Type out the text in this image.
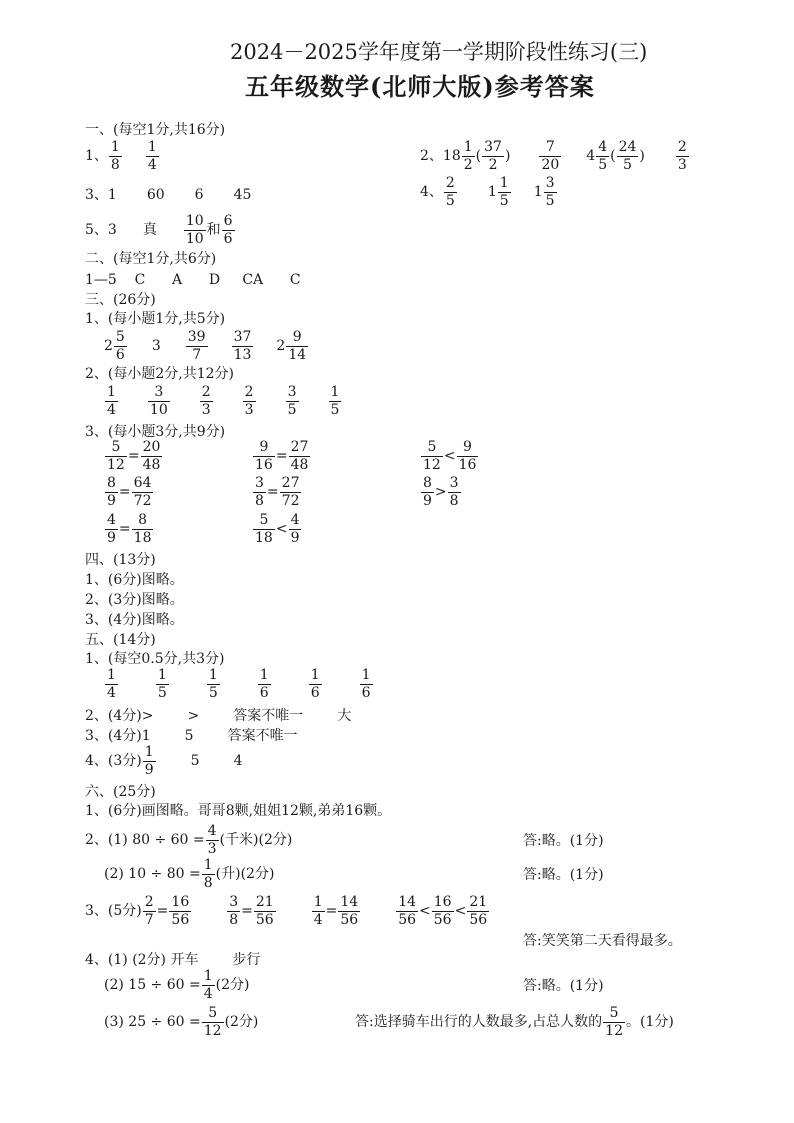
2024－2025学年度第一学期阶段性练习(三)
五年级数学(北师大版)参考答案
一、(每空1分,共16分)
1、 $\frac{1}{8} \frac{1}{4}$	2、 $18 \frac{1}{2}$ ( $\frac{37}{2}$ ) $\frac{7}{20} 4 \frac{4}{5}$ ( $\frac{24}{5}$ ) $\frac{2}{3}$
3、1 60 6 45	4、 $\frac{2}{5} 1 \frac{1}{5} 1 \frac{3}{5}$
5、 3 真 $\frac{10}{10}$ 和 $\frac{6}{6}$
二、(每空1分,共6分)
1—5    C      A      D     CA      C
三、(26分)
1、(每小题1分,共5分)
$2 \frac{5}{6} 3 \frac{39}{7} \frac{37}{13} 2 \frac{9}{14}$
2、(每小题2分,共12分)
$\frac{1}{4} \frac{3}{10} \frac{2}{3} \frac{2}{3} \frac{3}{5} \frac{1}{5}$
3、(每小题3分,共9分)
$\frac{5}{12} = \frac{20}{48}$	$\frac{9}{16} = \frac{27}{48}$	$\frac{5}{12} < \frac{9}{16}$
$\frac{8}{9} = \frac{64}{72}$	$\frac{3}{8} = \frac{27}{72}$	$\frac{8}{9} > \frac{3}{8}$
$\frac{4}{9} = \frac{8}{18}$	$\frac{5}{18} < \frac{4}{9}$
四、(13分)
1、(6分)图略。
2、(3分)图略。
3、(4分)图略。
五、(14分)
1、(每空0.5分,共3分)
$\frac{1}{4}$	$\frac{1}{5}$	$\frac{1}{5}$	$\frac{1}{6}$	$\frac{1}{6}$	$\frac{1}{6}$
2、(4分)> > 答案不唯一 大
3、(4分)1 5 答案不唯一
4、(3分) $\frac{1}{9}$	5 4
六、(25分)
1、(6分)画图略。哥哥8颗,姐姐12颗,弟弟16颗。
2、(1) $80 \div 60 = \frac{4}{3}$ (千米)(2分)	答:略。(1分)
(2) $10 \div 80 = \frac{1}{8}$ (升)(2分)	答:略。(1分)
3、(5分) $\frac{2}{7} = \frac{16}{56}$	$\frac{3}{8} = \frac{21}{56}$	$\frac{1}{4} = \frac{14}{56}$	$\frac{14}{56} < \frac{16}{56} < \frac{21}{56}$
答:笑笑第二天看得最多。
4、(1) (2分) 开车 步行
(2) $15 \div 60 = \frac{1}{4} (2$分)	答:略。(1分)
(3) $25 \div 60 = \frac{5}{12} (2$分)	答:选择骑车出行的人数最多,占总人数的 $\frac{5}{12}$ 。(1分)
